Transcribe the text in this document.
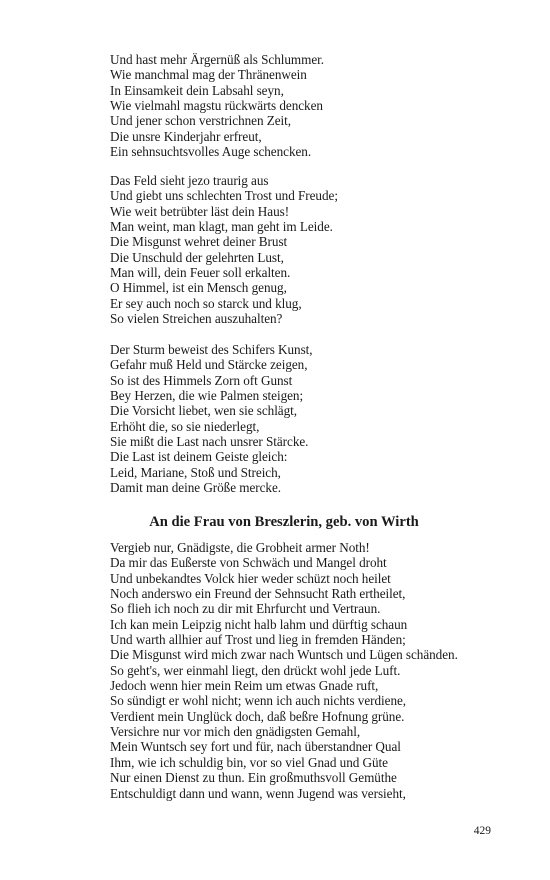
Und hast mehr Ärgernüß als Schlummer.
Wie manchmal mag der Thränenwein
In Einsamkeit dein Labsahl seyn,
Wie vielmahl magstu rückwärts dencken
Und jener schon verstrichnen Zeit,
Die unsre Kinderjahr erfreut,
Ein sehnsuchtsvolles Auge schencken.
Das Feld sieht jezo traurig aus
Und giebt uns schlechten Trost und Freude;
Wie weit betrübter läst dein Haus!
Man weint, man klagt, man geht im Leide.
Die Misgunst wehret deiner Brust
Die Unschuld der gelehrten Lust,
Man will, dein Feuer soll erkalten.
O Himmel, ist ein Mensch genug,
Er sey auch noch so starck und klug,
So vielen Streichen auszuhalten?
Der Sturm beweist des Schifers Kunst,
Gefahr muß Held und Stärcke zeigen,
So ist des Himmels Zorn oft Gunst
Bey Herzen, die wie Palmen steigen;
Die Vorsicht liebet, wen sie schlägt,
Erhöht die, so sie niederlegt,
Sie mißt die Last nach unsrer Stärcke.
Die Last ist deinem Geiste gleich:
Leid, Mariane, Stoß und Streich,
Damit man deine Größe mercke.
An die Frau von Breszlerin, geb. von Wirth
Vergieb nur, Gnädigste, die Grobheit armer Noth!
Da mir das Eußerste von Schwäch und Mangel droht
Und unbekandtes Volck hier weder schüzt noch heilet
Noch anderswo ein Freund der Sehnsucht Rath ertheilet,
So flieh ich noch zu dir mit Ehrfurcht und Vertraun.
Ich kan mein Leipzig nicht halb lahm und dürftig schaun
Und warth allhier auf Trost und lieg in fremden Händen;
Die Misgunst wird mich zwar nach Wuntsch und Lügen schänden.
So geht's, wer einmahl liegt, den drückt wohl jede Luft.
Jedoch wenn hier mein Reim um etwas Gnade ruft,
So sündigt er wohl nicht; wenn ich auch nichts verdiene,
Verdient mein Unglück doch, daß beßre Hofnung grüne.
Versichre nur vor mich den gnädigsten Gemahl,
Mein Wuntsch sey fort und für, nach überstandner Qual
Ihm, wie ich schuldig bin, vor so viel Gnad und Güte
Nur einen Dienst zu thun. Ein großmuthsvoll Gemüthe
Entschuldigt dann und wann, wenn Jugend was versieht,
429
